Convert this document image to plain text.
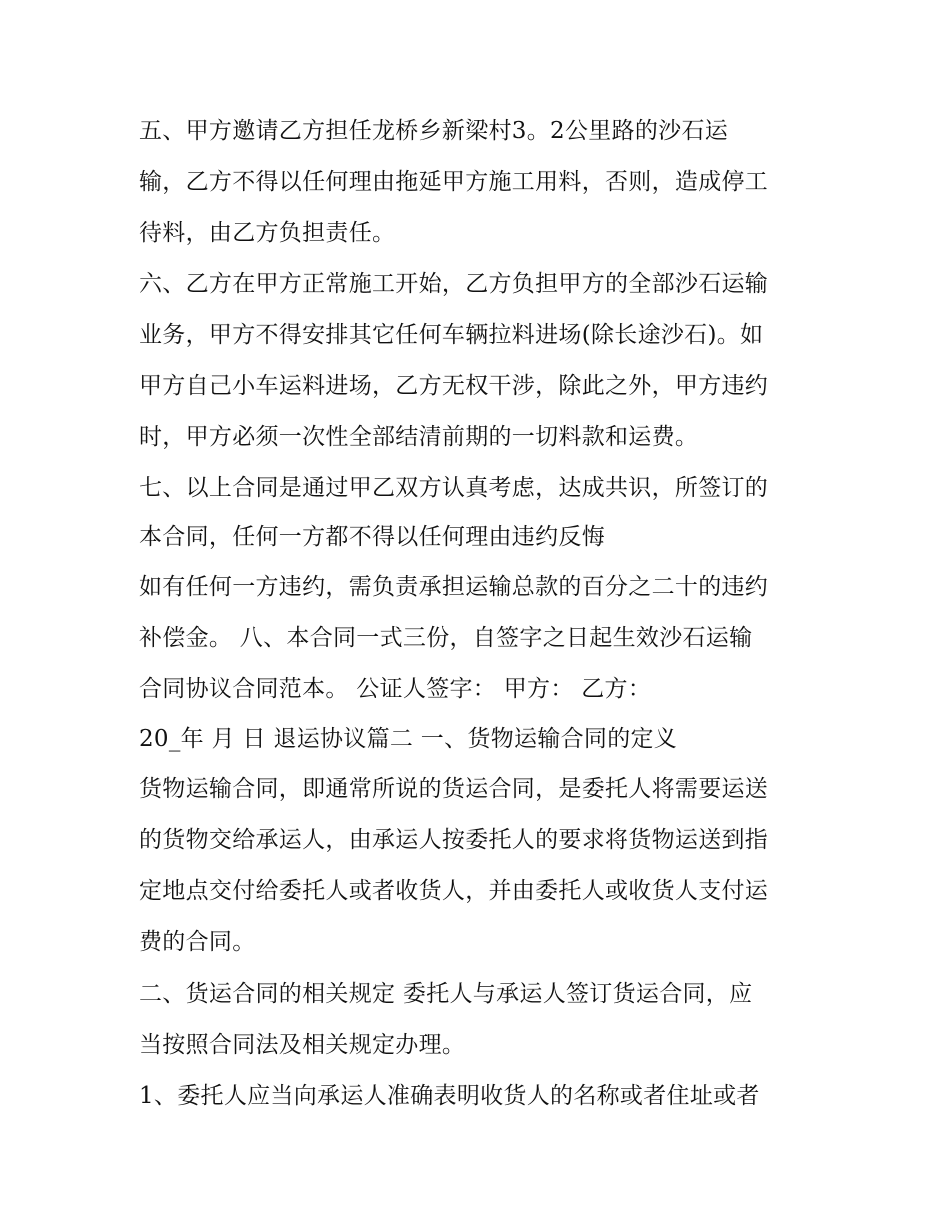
五、甲方邀请乙方担任龙桥乡新梁村3。2公里路的沙石运
输，乙方不得以任何理由拖延甲方施工用料，否则，造成停工
待料，由乙方负担责任。
六、乙方在甲方正常施工开始，乙方负担甲方的全部沙石运输
业务，甲方不得安排其它任何车辆拉料进场(除长途沙石)。如
甲方自己小车运料进场，乙方无权干涉，除此之外，甲方违约
时，甲方必须一次性全部结清前期的一切料款和运费。
七、以上合同是通过甲乙双方认真考虑，达成共识，所签订的
本合同，任何一方都不得以任何理由违约反悔
如有任何一方违约，需负责承担运输总款的百分之二十的违约
补偿金。 八、本合同一式三份，自签字之日起生效沙石运输
合同协议合同范本。 公证人签字： 甲方： 乙方：
20_年 月 日 退运协议篇二 一、货物运输合同的定义
货物运输合同，即通常所说的货运合同，是委托人将需要运送
的货物交给承运人，由承运人按委托人的要求将货物运送到指
定地点交付给委托人或者收货人，并由委托人或收货人支付运
费的合同。
二、货运合同的相关规定 委托人与承运人签订货运合同，应
当按照合同法及相关规定办理。
1、委托人应当向承运人准确表明收货人的名称或者住址或者
